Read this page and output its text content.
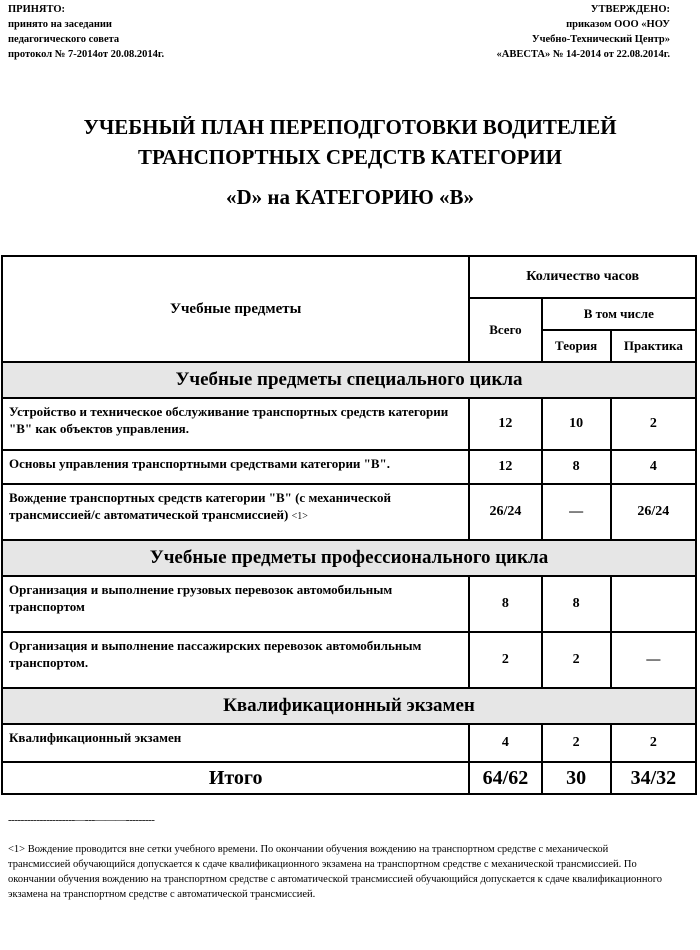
ПРИНЯТО:
принято на заседании
педагогического совета
протокол № 7-2014от 20.08.2014г.
УТВЕРЖДЕНО:
приказом ООО «НОУ
Учебно-Технический Центр»
«АВЕСТА» № 14-2014 от 22.08.2014г.
УЧЕБНЫЙ ПЛАН ПЕРЕПОДГОТОВКИ ВОДИТЕЛЕЙ
ТРАНСПОРТНЫХ СРЕДСТВ КАТЕГОРИИ
«D» на КАТЕГОРИЮ «B»
Учебные предметы	Количество часов		
	Всего	В том числе	
		Теория	Практика
Учебные предметы специального цикла			
Устройство и техническое обслуживание транспортных средств категории "B" как объектов управления.	12	10	2
Основы управления транспортными средствами категории "B".	12	8	4
Вождение транспортных средств категории "B" (с механической трансмиссией/с автоматической трансмиссией) <1>	26/24	—	26/24
Учебные предметы профессионального цикла			
Организация и выполнение грузовых перевозок автомобильным транспортом	8	8	
Организация и выполнение пассажирских перевозок автомобильным транспортом.	2	2	—
Квалификационный экзамен			
Квалификационный экзамен	4	2	2
Итого	64/62	30	34/32
---------------------—---———---------
<1> Вождение проводится вне сетки учебного времени. По окончании обучения вождению на транспортном средстве с механической трансмиссией обучающийся допускается к сдаче квалификационного экзамена на транспортном средстве с механической трансмиссией. По окончании обучения вождению на транспортном средстве с автоматической трансмиссией обучающийся допускается к сдаче квалификационного экзамена на транспортном средстве с автоматической трансмиссией.
